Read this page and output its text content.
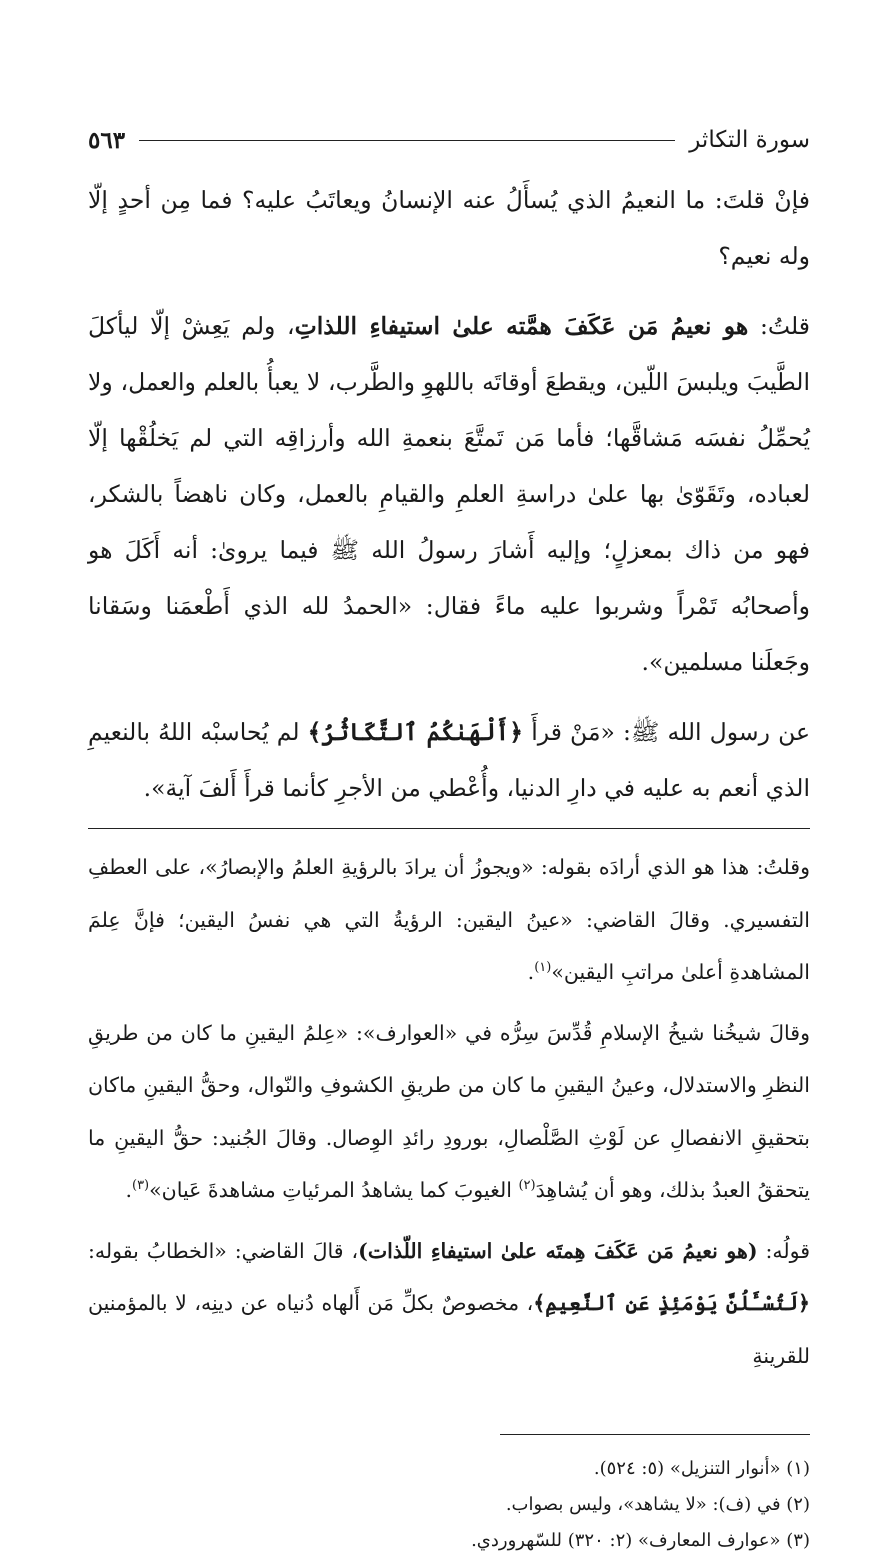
سورة التكاثر
٥٦٣

فإنْ قلتَ: ما النعيمُ الذي يُسأَلُ عنه الإنسانُ ويعاتَبُ عليه؟ فما مِن أحدٍ إلّا وله نعيم؟

قلتُ: هو نعيمُ مَن عَكَفَ همَّته علىٰ استيفاءِ اللذاتِ، ولم يَعِشْ إلّا ليأكلَ الطَّيبَ ويلبسَ اللّين، ويقطعَ أوقاتَه باللهوِ والطَّرب، لا يعبأُ بالعلم والعمل، ولا يُحمِّلُ نفسَه مَشاقَّها؛ فأما مَن تَمتَّعَ بنعمةِ الله وأرزاقِه التي لم يَخلُقْها إلّا لعباده، وتَقَوّىٰ بها علىٰ دراسةِ العلمِ والقيامِ بالعمل، وكان ناهضاً بالشكر، فهو من ذاك بمعزلٍ؛ وإليه أَشارَ رسولُ الله ﷺ فيما يروىٰ: أنه أَكَلَ هو وأصحابُه تَمْراً وشربوا عليه ماءً فقال: «الحمدُ لله الذي أَطْعمَنا وسَقانا وجَعلَنا مسلمين».

عن رسول الله ﷺ: «مَنْ قرأَ ﴿أَلْهَىٰكُمُ ٱلتَّكَاثُرُ﴾ لم يُحاسبْه اللهُ بالنعيمِ الذي أنعم به عليه في دارِ الدنيا، وأُعْطي من الأجرِ كأنما قرأَ أَلفَ آية».

وقلتُ: هذا هو الذي أرادَه بقوله: «ويجوزُ أن يرادَ بالرؤيةِ العلمُ والإبصارُ»، على العطفِ التفسيري. وقالَ القاضي: «عينُ اليقين: الرؤيةُ التي هي نفسُ اليقين؛ فإنَّ عِلمَ المشاهدةِ أعلىٰ مراتبِ اليقين»$^{(١)}$.

وقالَ شيخُنا شيخُ الإسلامِ قُدِّسَ سِرُّه في «العوارف»: «عِلمُ اليقينِ ما كان من طريقِ النظرِ والاستدلال، وعينُ اليقينِ ما كان من طريقِ الكشوفِ والنّوال، وحقُّ اليقينِ ماكان بتحقيقِ الانفصالِ عن لَوْثِ الصَّلْصالِ، بورودِ رائدِ الوِصال. وقالَ الجُنيد: حقُّ اليقينِ ما يتحققُ العبدُ بذلك، وهو أن يُشاهِدَ$^{(٢)}$ الغيوبَ كما يشاهدُ المرئياتِ مشاهدةَ عَيان»$^{(٣)}$.

قولُه: (هو نعيمُ مَن عَكَفَ هِمتَه علىٰ استيفاءِ اللّذات)، قالَ القاضي: «الخطابُ بقوله: ﴿لَتُسْـَٔلُنَّ يَوْمَئِذٍ عَنِ ٱلنَّعِيمِ﴾، مخصوصٌ بكلِّ مَن أَلهاه دُنياه عن دينِه، لا بالمؤمنين للقرينةِ

(١) «أنوار التنزيل» (٥: ٥٢٤).

(٢) في (ف): «لا يشاهد»، وليس بصواب.

(٣) «عوارف المعارف» (٢: ٣٢٠) للسّهروردي.
